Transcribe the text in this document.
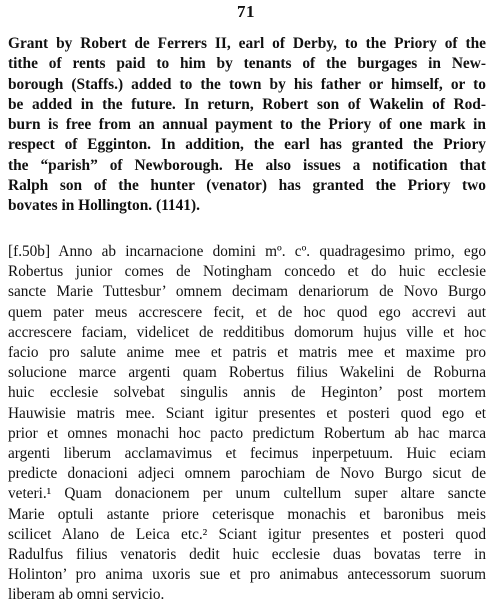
71
Grant by Robert de Ferrers II, earl of Derby, to the Priory of the
tithe of rents paid to him by tenants of the burgages in New-
borough (Staffs.) added to the town by his father or himself, or to
be added in the future. In return, Robert son of Wakelin of Rod-
burn is free from an annual payment to the Priory of one mark in
respect of Egginton. In addition, the earl has granted the Priory
the “parish” of Newborough. He also issues a notification that
Ralph son of the hunter (venator) has granted the Priory two
bovates in Hollington. (1141).
[f.50b] Anno ab incarnacione domini mº. cº. quadragesimo primo, ego
Robertus junior comes de Notingham concedo et do huic ecclesie
sancte Marie Tuttesbur’ omnem decimam denariorum de Novo Burgo
quem pater meus accrescere fecit, et de hoc quod ego accrevi aut
accrescere faciam, videlicet de redditibus domorum hujus ville et hoc
facio pro salute anime mee et patris et matris mee et maxime pro
solucione marce argenti quam Robertus filius Wakelini de Roburna
huic ecclesie solvebat singulis annis de Heginton’ post mortem
Hauwisie matris mee. Sciant igitur presentes et posteri quod ego et
prior et omnes monachi hoc pacto predictum Robertum ab hac marca
argenti liberum acclamavimus et fecimus inperpetuum. Huic eciam
predicte donacioni adjeci omnem parochiam de Novo Burgo sicut de
veteri.¹ Quam donacionem per unum cultellum super altare sancte
Marie optuli astante priore ceterisque monachis et baronibus meis
scilicet Alano de Leica etc.² Sciant igitur presentes et posteri quod
Radulfus filius venatoris dedit huic ecclesie duas bovatas terre in
Holinton’ pro anima uxoris sue et pro animabus antecessorum suorum
liberam ab omni servicio.
